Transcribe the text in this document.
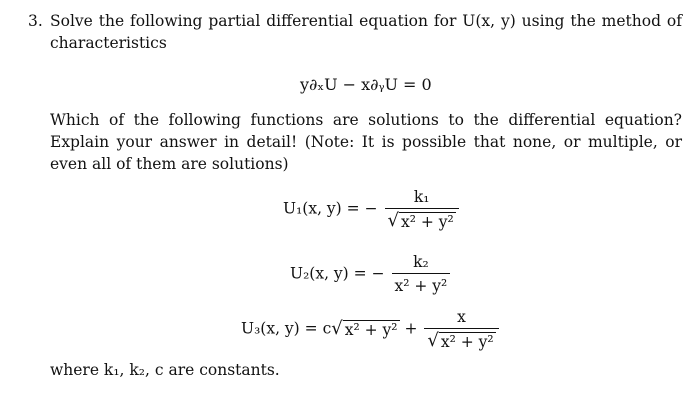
3. Solve the following partial differential equation for U(x, y) using the method of characteristics
y∂ₓU − x∂ᵧU = 0
Which of the following functions are solutions to the differential equation? Explain your answer in detail! (Note: It is possible that none, or multiple, or even all of them are solutions)
U₁(x, y) = − $\frac{\text{k₁}}{\text{√ x² + y²}}$
U₂(x, y) = − $\frac{\text{k₂}}{\text{x² + y²}}$
U₃(x, y) = c √ $x^2 + y^2 + \frac{x}{\text{√ x² + y²}}$
where k₁, k₂, c are constants.
